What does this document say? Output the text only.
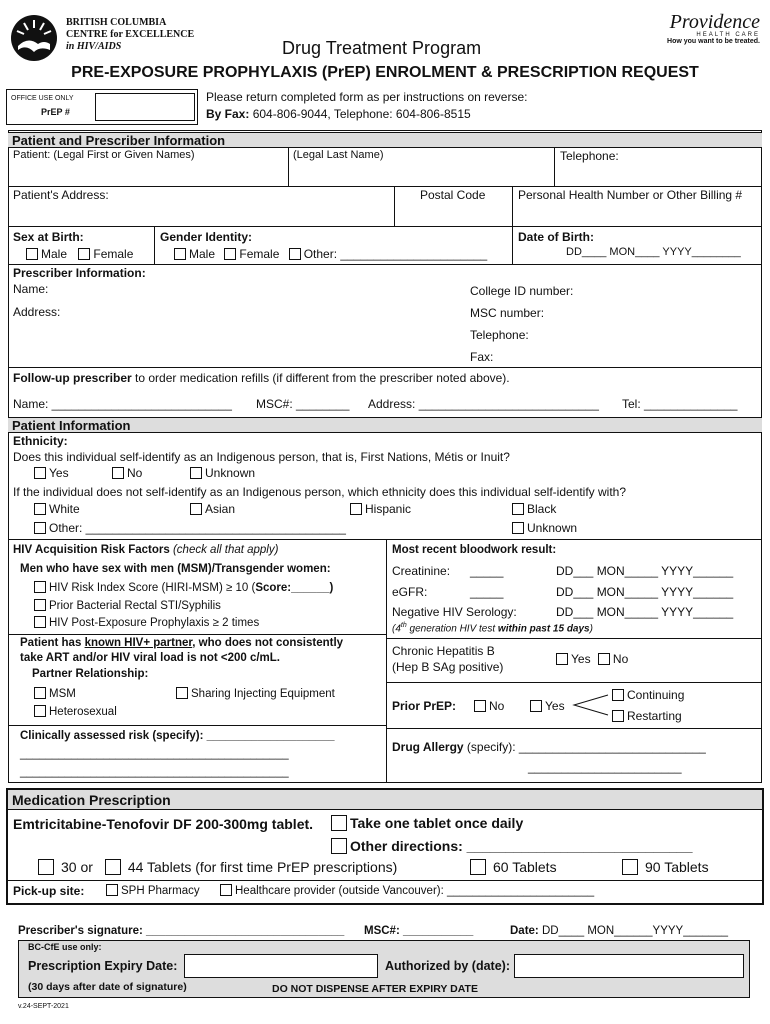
BRITISH COLUMBIA
CENTRE for EXCELLENCE
in HIV/AIDS	Drug Treatment Program
Providence
HEALTH CARE
How you want to be treated.
PRE-EXPOSURE PROPHYLAXIS (PrEP) ENROLMENT & PRESCRIPTION REQUEST
OFFICE USE ONLY
PrEP #
Please return completed form as per instructions on reverse:
By Fax: 604-806-9044, Telephone: 604-806-8515
Patient and Prescriber Information
Patient: (Legal First or Given Names)	(Legal Last Name)	Telephone:
Patient's Address:	Postal Code	Personal Health Number or Other Billing #
Sex at Birth:
Male Female
Gender Identity:
Male Female Other: ______________________
Date of Birth:
DD____ MON____ YYYY________
Prescriber Information:
Name:	College ID number:
Address:	MSC number:
Telephone:
Fax:
Follow-up prescriber to order medication refills (if different from the prescriber noted above).
Name: ___________________________ MSC#: ________ Address: ___________________________ Tel: ______________
Patient Information
Ethnicity:
Does this individual self-identify as an Indigenous person, that is, First Nations, Métis or Inuit?
Yes	No	Unknown
If the individual does not self-identify as an Indigenous person, which ethnicity does this individual self-identify with?
White	Asian	Hispanic	Black
Other: _______________________________________	Unknown
HIV Acquisition Risk Factors (check all that apply)
Men who have sex with men (MSM)/Transgender women:
HIV Risk Index Score (HIRI-MSM) ≥ 10 (Score:______)
Prior Bacterial Rectal STI/Syphilis
HIV Post-Exposure Prophylaxis ≥ 2 times
Patient has known HIV+ partner, who does not consistently
take ART and/or HIV viral load is not <200 c/mL.
Partner Relationship:
MSM	Sharing Injecting Equipment
Heterosexual
Clinically assessed risk (specify): ____________________
__________________________________________
__________________________________________
Most recent bloodwork result:
Creatinine: _____	DD___ MON_____ YYYY______
eGFR:	_____	DD___ MON_____ YYYY______
Negative HIV Serology:	DD___ MON_____ YYYY______
(4th generation HIV test within past 15 days)
Chronic Hepatitis B
(Hep B SAg positive)
Yes No
Prior PrEP:	No	Yes
Continuing
Restarting
Drug Allergy (specify): ____________________________
_______________________
Medication Prescription
Emtricitabine-Tenofovir DF 200-300mg tablet.	Take one tablet once daily
Other directions: _____________________________
30 or 44 Tablets (for first time PrEP prescriptions)	60 Tablets	90 Tablets
Pick-up site:	SPH Pharmacy	Healthcare provider (outside Vancouver): _______________________
Prescriber's signature: _______________________________ MSC#: ___________	Date: DD____ MON______YYYY_______
BC-CfE use only:
Prescription Expiry Date:	Authorized by (date):
(30 days after date of signature)	DO NOT DISPENSE AFTER EXPIRY DATE
v.24-SEPT-2021
